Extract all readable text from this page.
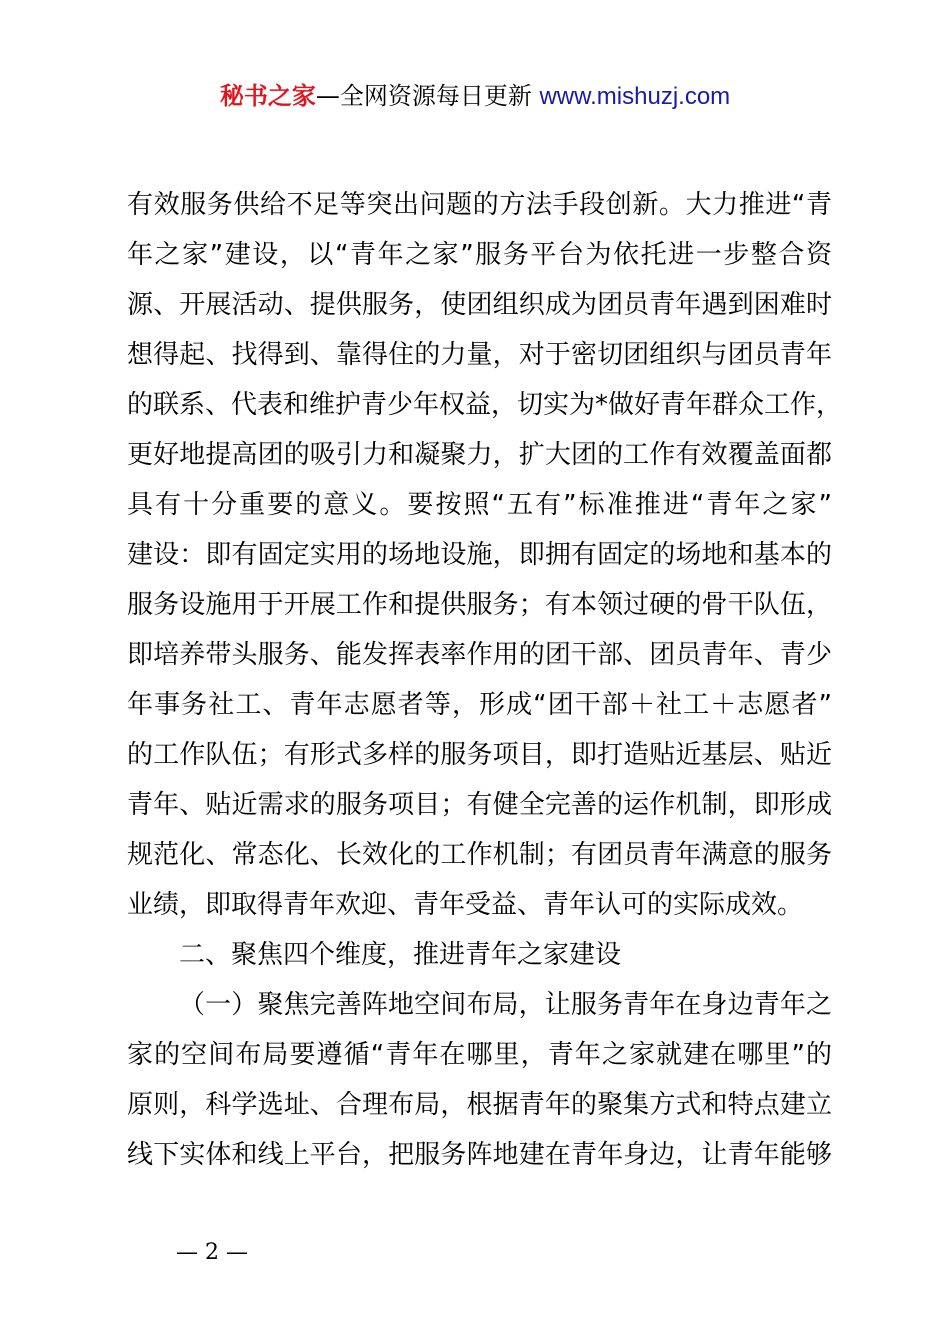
秘书之家—全网资源每日更新 www.mishuzj.com
有效服务供给不足等突出问题的方法手段创新。大力推进“青
年之家”建设，以“青年之家”服务平台为依托进一步整合资
源、开展活动、提供服务，使团组织成为团员青年遇到困难时
想得起、找得到、靠得住的力量，对于密切团组织与团员青年
的联系、代表和维护青少年权益，切实为*做好青年群众工作，
更好地提高团的吸引力和凝聚力，扩大团的工作有效覆盖面都
具有十分重要的意义。要按照“五有”标准推进“青年之家”
建设：即有固定实用的场地设施，即拥有固定的场地和基本的
服务设施用于开展工作和提供服务；有本领过硬的骨干队伍，
即培养带头服务、能发挥表率作用的团干部、团员青年、青少
年事务社工、青年志愿者等，形成“团干部＋社工＋志愿者”
的工作队伍；有形式多样的服务项目，即打造贴近基层、贴近
青年、贴近需求的服务项目；有健全完善的运作机制，即形成
规范化、常态化、长效化的工作机制；有团员青年满意的服务
业绩，即取得青年欢迎、青年受益、青年认可的实际成效。
二、聚焦四个维度，推进青年之家建设
（一）聚焦完善阵地空间布局，让服务青年在身边青年之
家的空间布局要遵循“青年在哪里，青年之家就建在哪里”的
原则，科学选址、合理布局，根据青年的聚集方式和特点建立
线下实体和线上平台，把服务阵地建在青年身边，让青年能够
— 2 —
